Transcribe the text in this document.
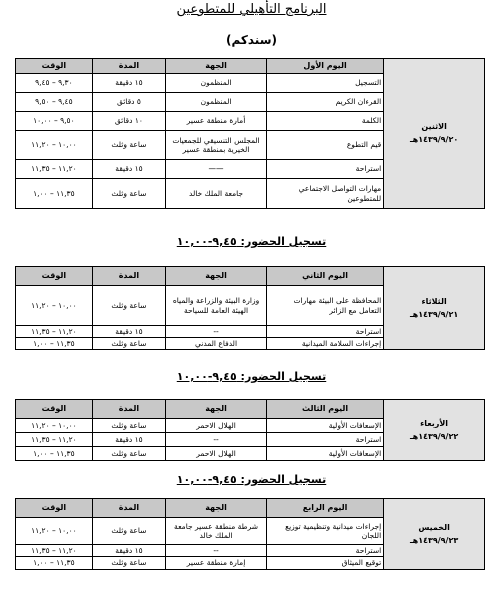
البرنامج التأهيلي للمتطوعين
(سندكم)
الاثنين
١٤٣٩/٩/٢٠هـ	اليوم الأول	الجهة	المدة	الوقت
	التسجيل	المنظمون	١٥ دقيقة	٩,٣٠ – ٩,٤٥
	القرءان الكريم	المنظمون	٥ دقائق	٩,٤٥ – ٩,٥٠
	الكلمة	أمارة منطقة عسير	١٠ دقائق	٩,٥٠ – ١٠,٠٠
	قيم التطوع	المجلس التنسيقي للجمعيات الخيرية بمنطقة عسير	ساعة وثلث	١٠,٠٠ – ١١,٢٠
	استراحة	——	١٥ دقيقة	١١,٢٠ – ١١,٣٥
	مهارات التواصل الاجتماعي للمتطوعين	جامعة الملك خالد	ساعة وثلث	١١,٣٥ – ١,٠٠
تسجيل الحضور: ٩,٤٥-١٠,٠٠
الثلاثاء
١٤٣٩/٩/٢١هـ	اليوم الثاني	الجهة	المدة	الوقت
	المحافظة على البيئة مهارات التعامل مع الزائر	وزارة البيئة والزراعة والمياه الهيئة العامة للسياحة	ساعة وثلث	١٠,٠٠ – ١١,٢٠
	استراحة	--	١٥ دقيقة	١١,٢٠ – ١١,٣٥
	إجراءات السلامة الميدانية	الدفاع المدني	ساعة وثلث	١١,٣٥ – ١,٠٠
تسجيل الحضور: ٩,٤٥-١٠,٠٠
الأربعاء
١٤٣٩/٩/٢٢هـ	اليوم الثالث	الجهة	المدة	الوقت
	الإسعافات الأولية	الهلال الاحمر	ساعة وثلث	١٠,٠٠ – ١١,٢٠
	استراحة	--	١٥ دقيقة	١١,٢٠ – ١١,٣٥
	الإسعافات الأولية	الهلال الاحمر	ساعة وثلث	١١,٣٥ – ١,٠٠
تسجيل الحضور: ٩,٤٥-١٠,٠٠
الخميس
١٤٣٩/٩/٢٣هـ	اليوم الرابع	الجهة	المدة	الوقت
	إجراءات ميدانية وتنظيمية توزيع اللجان	شرطة منطقة عسير جامعة الملك خالد	ساعة وثلث	١٠,٠٠ – ١١,٢٠
	استراحة	--	١٥ دقيقة	١١,٢٠ – ١١,٣٥
	توقيع الميثاق	إمارة منطقة عسير	ساعة وثلث	١١,٣٥ – ١,٠٠
